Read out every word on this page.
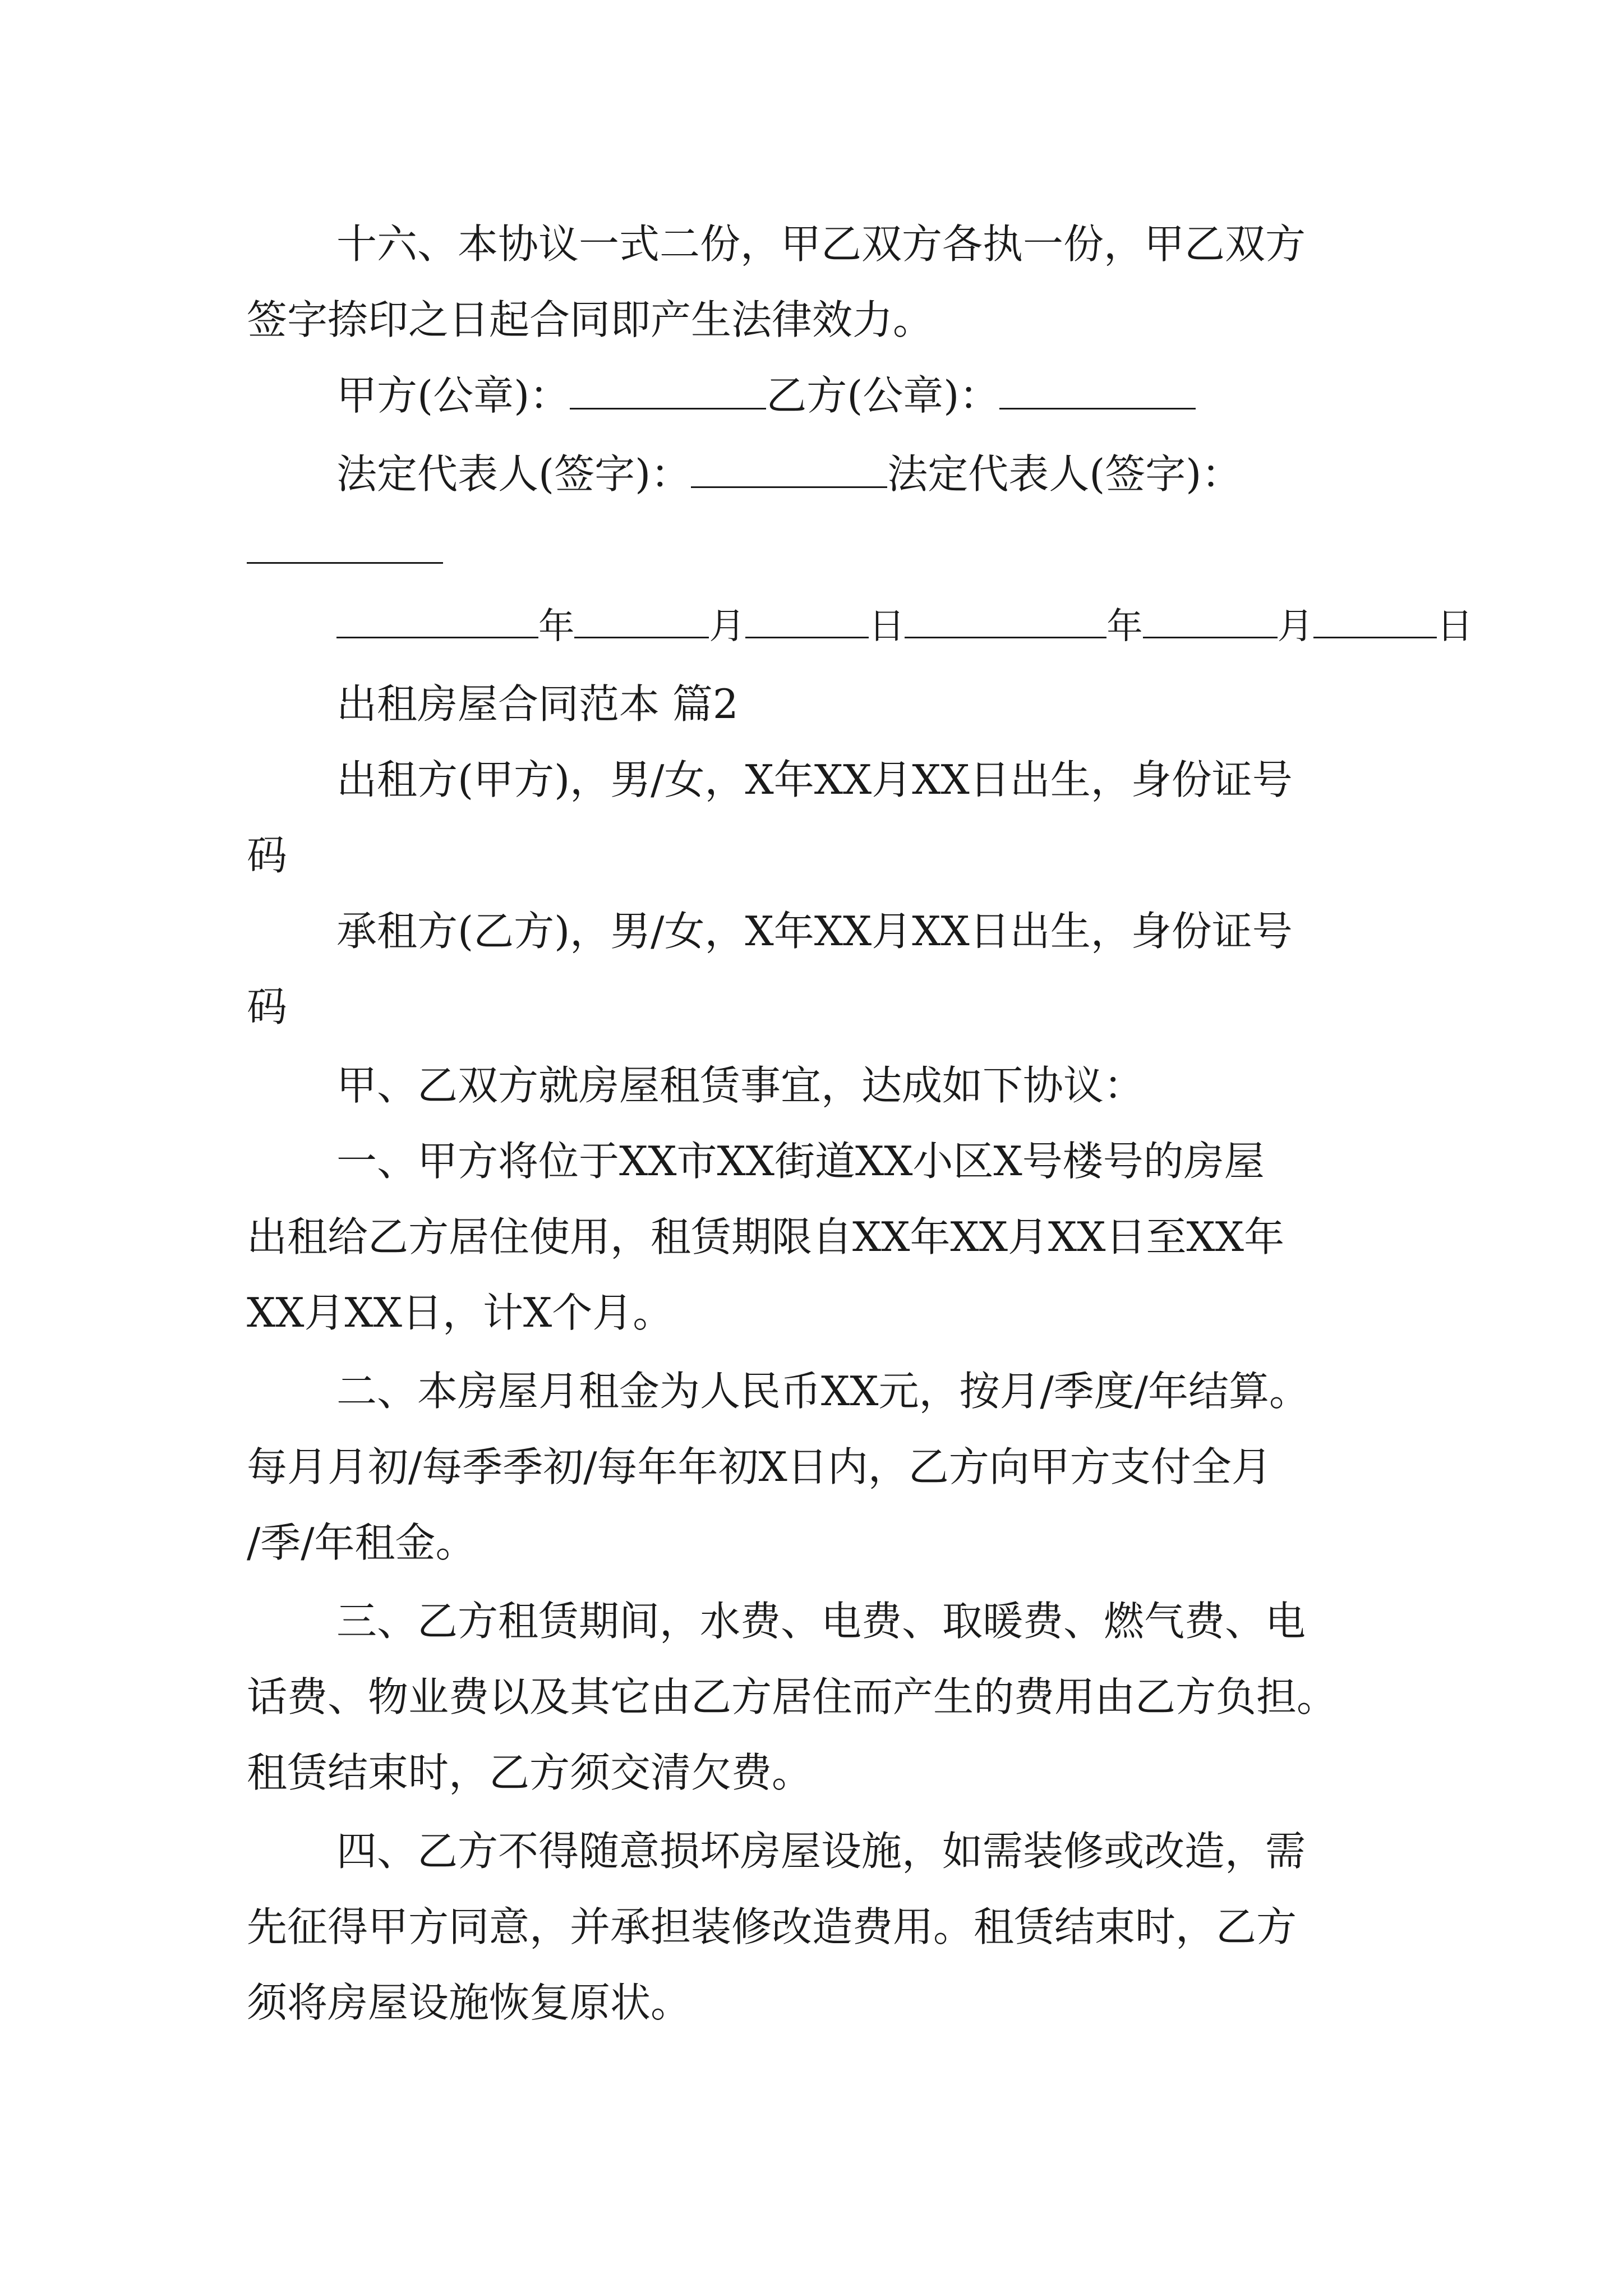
十六、本协议一式二份，甲乙双方各执一份，甲乙双方
签字捺印之日起合同即产生法律效力。
甲方(公章)：	乙方(公章)：
法定代表人(签字)：	法定代表人(签字)：
年	月	日	年	月	日
出租房屋合同范本 篇2
出租方(甲方)，男/女，X年XX月XX日出生，身份证号
码
承租方(乙方)，男/女，X年XX月XX日出生，身份证号
码
甲、乙双方就房屋租赁事宜，达成如下协议：
一、甲方将位于XX市XX街道XX小区X号楼号的房屋
出租给乙方居住使用，租赁期限自XX年XX月XX日至XX年
XX月XX日，计X个月。
二、本房屋月租金为人民币XX元，按月/季度/年结算。
每月月初/每季季初/每年年初X日内，乙方向甲方支付全月
/季/年租金。
三、乙方租赁期间，水费、电费、取暖费、燃气费、电
话费、物业费以及其它由乙方居住而产生的费用由乙方负担。
租赁结束时，乙方须交清欠费。
四、乙方不得随意损坏房屋设施，如需装修或改造，需
先征得甲方同意，并承担装修改造费用。租赁结束时，乙方
须将房屋设施恢复原状。
